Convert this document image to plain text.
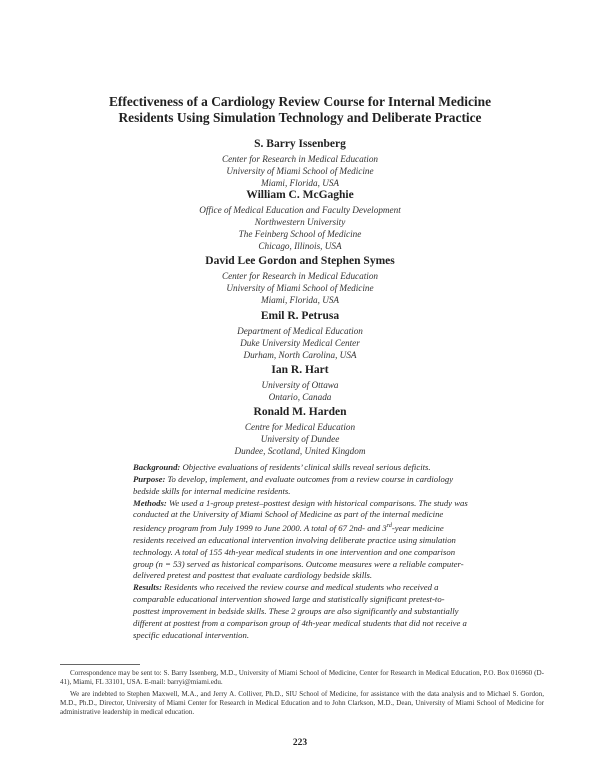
Effectiveness of a Cardiology Review Course for Internal Medicine
Residents Using Simulation Technology and Deliberate Practice
S. Barry Issenberg
Center for Research in Medical Education
University of Miami School of Medicine
Miami, Florida, USA
William C. McGaghie
Office of Medical Education and Faculty Development
Northwestern University
The Feinberg School of Medicine
Chicago, Illinois, USA
David Lee Gordon and Stephen Symes
Center for Research in Medical Education
University of Miami School of Medicine
Miami, Florida, USA
Emil R. Petrusa
Department of Medical Education
Duke University Medical Center
Durham, North Carolina, USA
Ian R. Hart
University of Ottawa
Ontario, Canada
Ronald M. Harden
Centre for Medical Education
University of Dundee
Dundee, Scotland, United Kingdom

Background: Objective evaluations of residents’ clinical skills reveal serious deficits.

Purpose: To develop, implement, and evaluate outcomes from a review course in cardiology bedside skills for internal medicine residents.

Methods: We used a 1-group pretest–posttest design with historical comparisons. The study was conducted at the University of Miami School of Medicine as part of the internal medicine residency program from July 1999 to June 2000. A total of 67 2nd- and 3rd-year medicine residents received an educational intervention involving deliberate practice using simulation technology. A total of 155 4th-year medical students in one intervention and one comparison group (n = 53) served as historical comparisons. Outcome measures were a reliable computer-delivered pretest and posttest that evaluate cardiology bedside skills.

Results: Residents who received the review course and medical students who received a comparable educational intervention showed large and statistically significant pretest-to-posttest improvement in bedside skills. These 2 groups are also significantly and substantially different at posttest from a comparison group of 4th-year medical students that did not receive a specific educational intervention.

Correspondence may be sent to: S. Barry Issenberg, M.D., University of Miami School of Medicine, Center for Research in Medical Education, P.O. Box 016960 (D-41), Miami, FL 33101, USA. E-mail: barryi@miami.edu.

We are indebted to Stephen Maxwell, M.A., and Jerry A. Colliver, Ph.D., SIU School of Medicine, for assistance with the data analysis and to Michael S. Gordon, M.D., Ph.D., Director, University of Miami Center for Research in Medical Education and to John Clarkson, M.D., Dean, University of Miami School of Medicine for administrative leadership in medical education.

223
